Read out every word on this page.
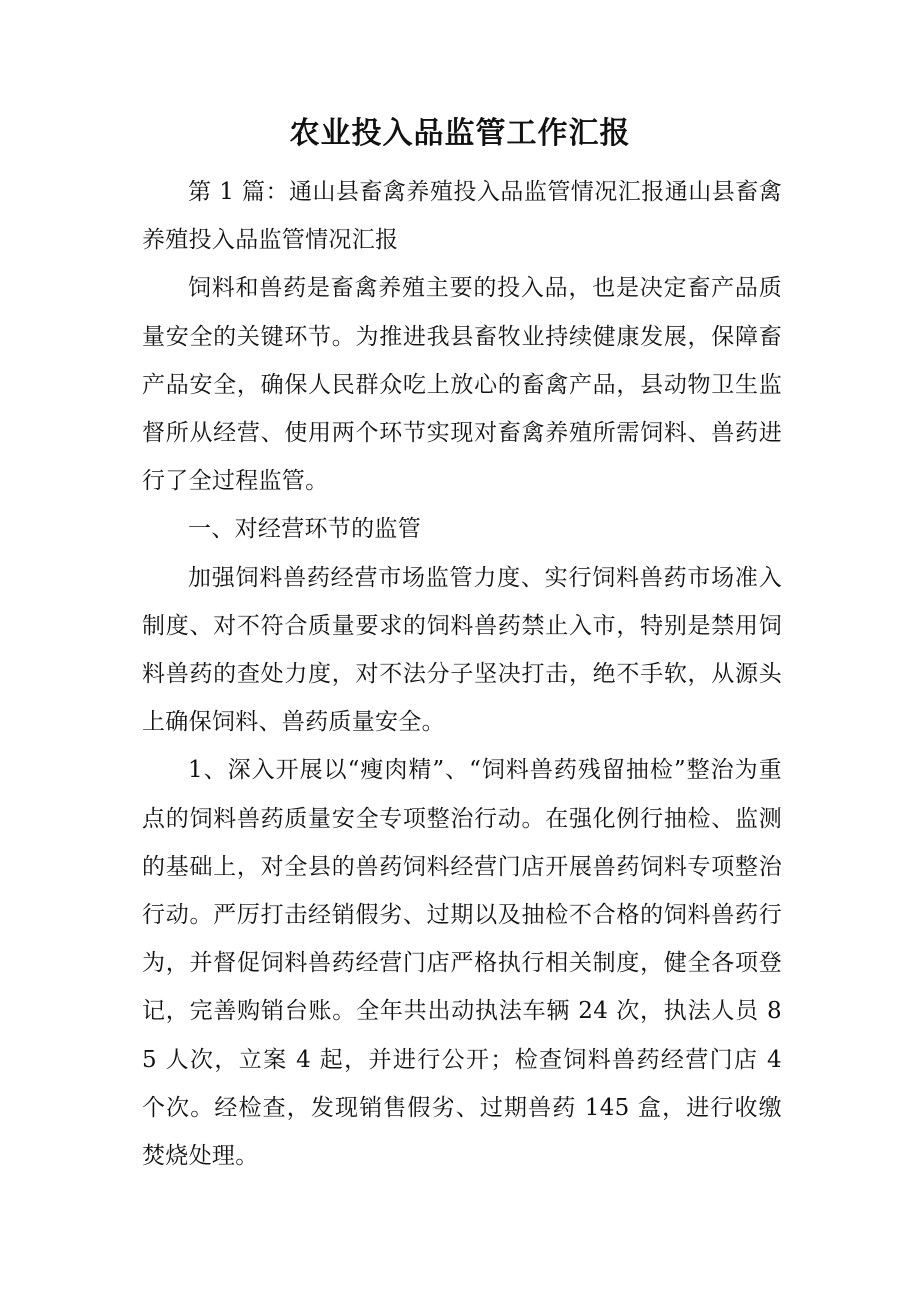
农业投入品监管工作汇报

第 1 篇：通山县畜禽养殖投入品监管情况汇报通山县畜禽养殖投入品监管情况汇报

饲料和兽药是畜禽养殖主要的投入品，也是决定畜产品质量安全的关键环节。为推进我县畜牧业持续健康发展，保障畜产品安全，确保人民群众吃上放心的畜禽产品，县动物卫生监督所从经营、使用两个环节实现对畜禽养殖所需饲料、兽药进行了全过程监管。

一、对经营环节的监管

加强饲料兽药经营市场监管力度、实行饲料兽药市场准入制度、对不符合质量要求的饲料兽药禁止入市，特别是禁用饲料兽药的查处力度，对不法分子坚决打击，绝不手软，从源头上确保饲料、兽药质量安全。

1、深入开展以“瘦肉精”、“饲料兽药残留抽检”整治为重点的饲料兽药质量安全专项整治行动。在强化例行抽检、监测的基础上，对全县的兽药饲料经营门店开展兽药饲料专项整治行动。严厉打击经销假劣、过期以及抽检不合格的饲料兽药行为，并督促饲料兽药经营门店严格执行相关制度，健全各项登记，完善购销台账。全年共出动执法车辆 24 次，执法人员 85 人次，立案 4 起，并进行公开；检查饲料兽药经营门店 4 个次。经检查，发现销售假劣、过期兽药 145 盒，进行收缴焚烧处理。
